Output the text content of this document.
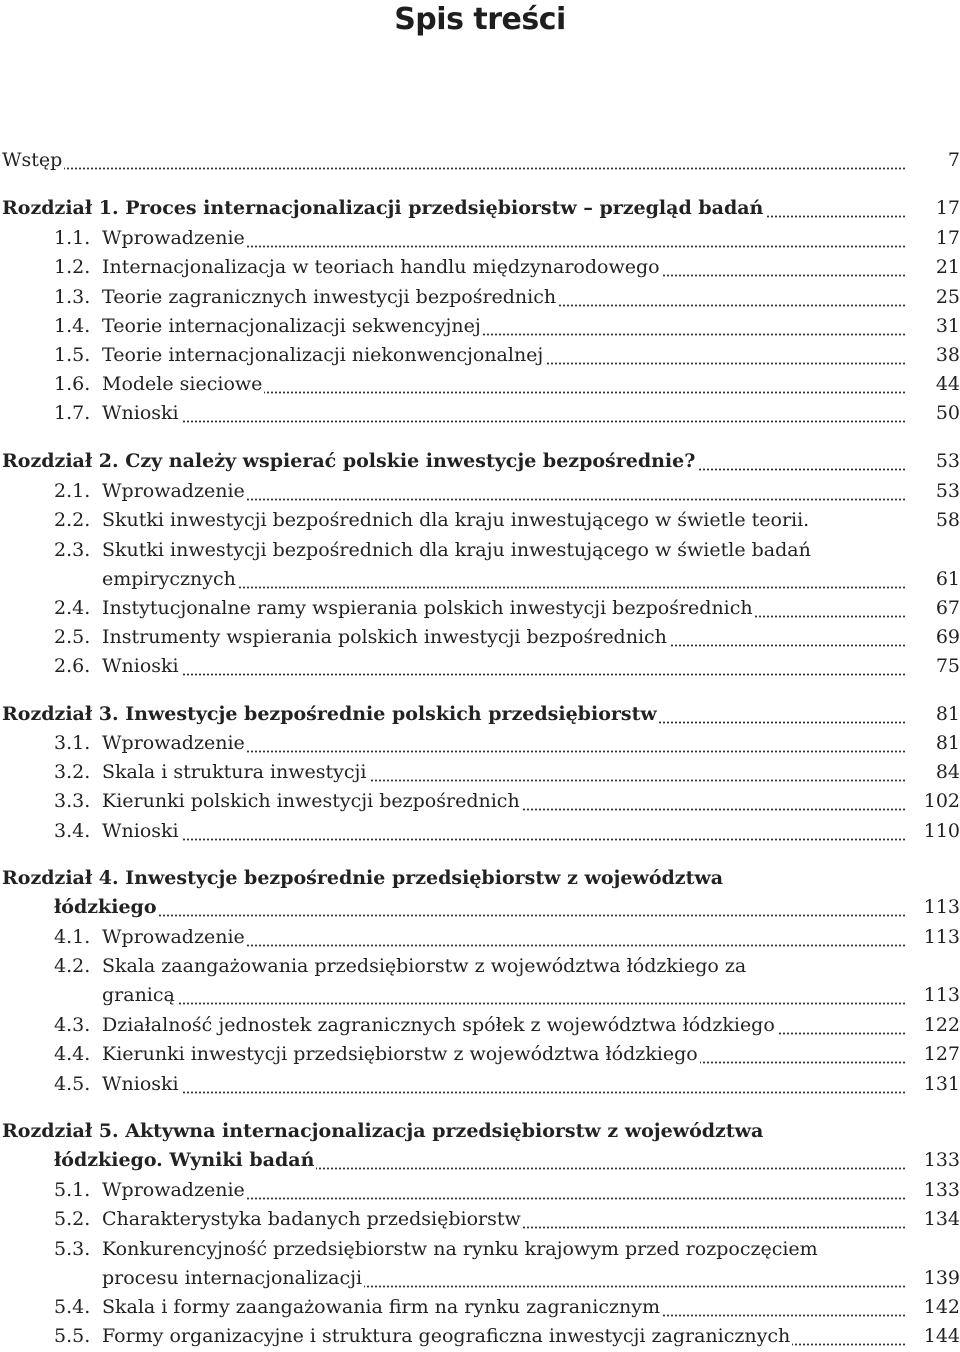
Spis treści
Wstęp	7
Rozdział 1. Proces internacjonalizacji przedsiębiorstw – przegląd badań	17
1.1. Wprowadzenie	17
1.2. Internacjonalizacja w teoriach handlu międzynarodowego	21
1.3. Teorie zagranicznych inwestycji bezpośrednich	25
1.4. Teorie internacjonalizacji sekwencyjnej	31
1.5. Teorie internacjonalizacji niekonwencjonalnej	38
1.6. Modele sieciowe	44
1.7. Wnioski	50
Rozdział 2. Czy należy wspierać polskie inwestycje bezpośrednie?	53
2.1. Wprowadzenie	53
2.2. Skutki inwestycji bezpośrednich dla kraju inwestującego w świetle teorii.	58
2.3. Skutki inwestycji bezpośrednich dla kraju inwestującego w świetle badań
empirycznych	61
2.4. Instytucjonalne ramy wspierania polskich inwestycji bezpośrednich	67
2.5. Instrumenty wspierania polskich inwestycji bezpośrednich	69
2.6. Wnioski	75
Rozdział 3. Inwestycje bezpośrednie polskich przedsiębiorstw	81
3.1. Wprowadzenie	81
3.2. Skala i struktura inwestycji	84
3.3. Kierunki polskich inwestycji bezpośrednich	102
3.4. Wnioski	110
Rozdział 4. Inwestycje bezpośrednie przedsiębiorstw z województwa
łódzkiego	113
4.1. Wprowadzenie	113
4.2. Skala zaangażowania przedsiębiorstw z województwa łódzkiego za
granicą	113
4.3. Działalność jednostek zagranicznych spółek z województwa łódzkiego	122
4.4. Kierunki inwestycji przedsiębiorstw z województwa łódzkiego	127
4.5. Wnioski	131
Rozdział 5. Aktywna internacjonalizacja przedsiębiorstw z województwa
łódzkiego. Wyniki badań	133
5.1. Wprowadzenie	133
5.2. Charakterystyka badanych przedsiębiorstw	134
5.3. Konkurencyjność przedsiębiorstw na rynku krajowym przed rozpoczęciem
procesu internacjonalizacji	139
5.4. Skala i formy zaangażowania firm na rynku zagranicznym	142
5.5. Formy organizacyjne i struktura geograficzna inwestycji zagranicznych	144
